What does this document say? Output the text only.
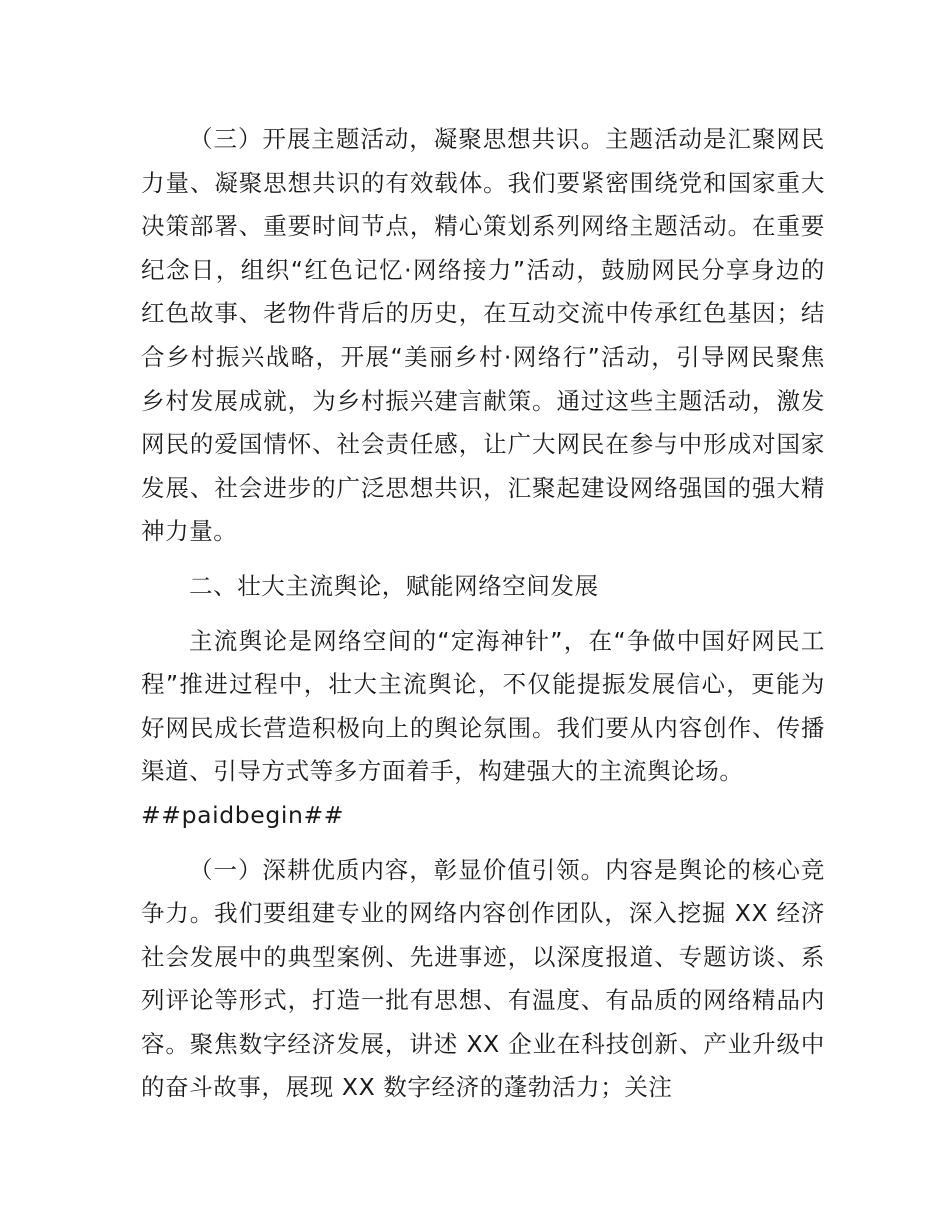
（三）开展主题活动，凝聚思想共识。主题活动是汇聚网民力量、凝聚思想共识的有效载体。我们要紧密围绕党和国家重大决策部署、重要时间节点，精心策划系列网络主题活动。在重要纪念日，组织“红色记忆·网络接力”活动，鼓励网民分享身边的红色故事、老物件背后的历史，在互动交流中传承红色基因；结合乡村振兴战略，开展“美丽乡村·网络行”活动，引导网民聚焦乡村发展成就，为乡村振兴建言献策。通过这些主题活动，激发网民的爱国情怀、社会责任感，让广大网民在参与中形成对国家发展、社会进步的广泛思想共识，汇聚起建设网络强国的强大精神力量。

二、壮大主流舆论，赋能网络空间发展

主流舆论是网络空间的“定海神针”，在“争做中国好网民工程”推进过程中，壮大主流舆论，不仅能提振发展信心，更能为好网民成长营造积极向上的舆论氛围。我们要从内容创作、传播渠道、引导方式等多方面着手，构建强大的主流舆论场。

##paidbegin##

（一）深耕优质内容，彰显价值引领。内容是舆论的核心竞争力。我们要组建专业的网络内容创作团队，深入挖掘 XX 经济社会发展中的典型案例、先进事迹，以深度报道、专题访谈、系列评论等形式，打造一批有思想、有温度、有品质的网络精品内容。聚焦数字经济发展，讲述 XX 企业在科技创新、产业升级中的奋斗故事，展现 XX 数字经济的蓬勃活力；关注
